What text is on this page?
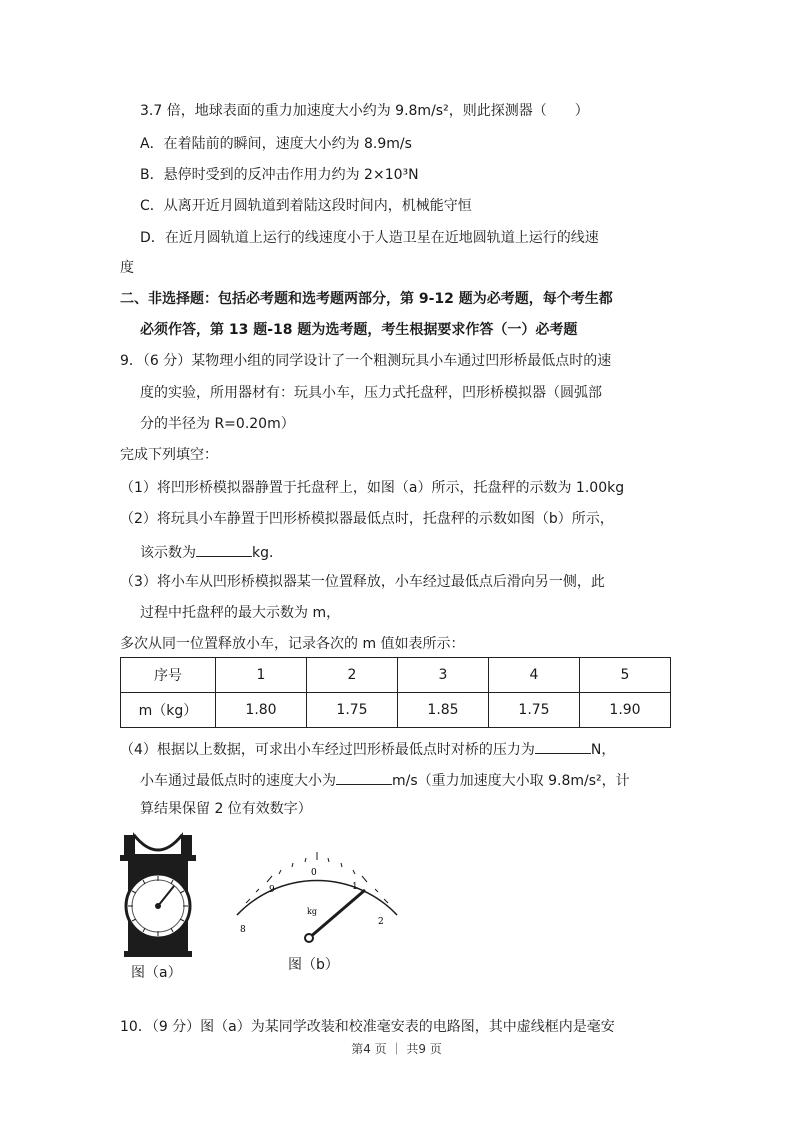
3.7 倍，地球表面的重力加速度大小约为 9.8m/s²，则此探测器（　　）
A．在着陆前的瞬间，速度大小约为 8.9m/s
B．悬停时受到的反冲击作用力约为 2×10³N
C．从离开近月圆轨道到着陆这段时间内，机械能守恒
D．在近月圆轨道上运行的线速度小于人造卫星在近地圆轨道上运行的线速
度
二、非选择题：包括必考题和选考题两部分，第 9-12 题为必考题，每个考生都
必须作答，第 13 题-18 题为选考题，考生根据要求作答（一）必考题
9．（6 分）某物理小组的同学设计了一个粗测玩具小车通过凹形桥最低点时的速
度的实验，所用器材有：玩具小车，压力式托盘秤，凹形桥模拟器（圆弧部
分的半径为 R=0.20m）
完成下列填空：
（1）将凹形桥模拟器静置于托盘秤上，如图（a）所示，托盘秤的示数为 1.00kg
（2）将玩具小车静置于凹形桥模拟器最低点时，托盘秤的示数如图（b）所示，
该示数为	kg．
（3）将小车从凹形桥模拟器某一位置释放，小车经过最低点后滑向另一侧，此
过程中托盘秤的最大示数为 m，
多次从同一位置释放小车，记录各次的 m 值如表所示：
序号	1	2	3	4	5
m（kg）	1.80	1.75	1.85	1.75	1.90
（4）根据以上数据，可求出小车经过凹形桥最低点时对桥的压力为	N，
小车通过最低点时的速度大小为	m/s（重力加速度大小取 9.8m/s²，计
算结果保留 2 位有效数字）
图（a）
8
9
0
1
2
kg
图（b）
10．（9 分）图（a）为某同学改装和校准毫安表的电路图，其中虚线框内是毫安
第4 页 ｜ 共9 页
